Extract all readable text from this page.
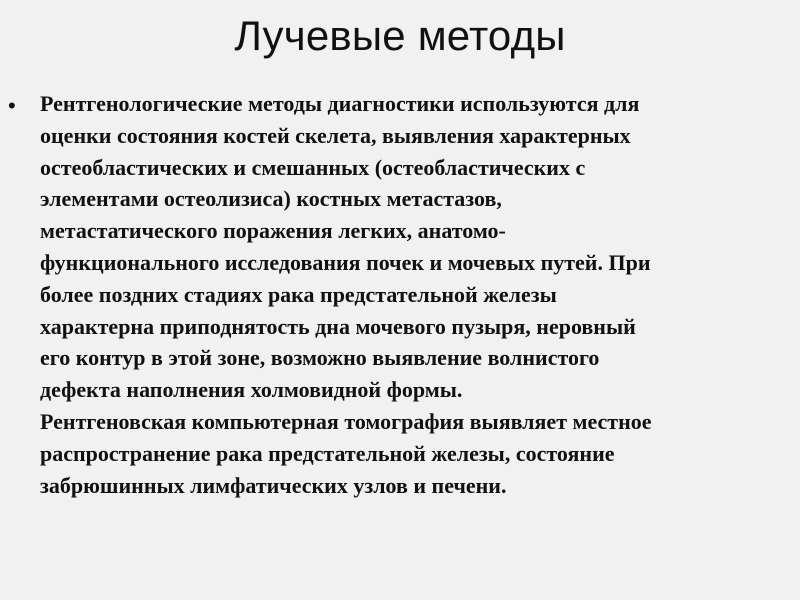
Лучевые методы
• Рентгенологические методы диагностики используются для
оценки состояния костей скелета, выявления характерных
остеобластических и смешанных (остеобластических с
элементами остеолизиса) костных метастазов,
метастатического поражения легких, анатомо-
функционального исследования почек и мочевых путей. При
более поздних стадиях рака предстательной железы
характерна приподнятость дна мочевого пузыря, неровный
его контур в этой зоне, возможно выявление волнистого
дефекта наполнения холмовидной формы.
Рентгеновская компьютерная томография выявляет местное
распространение рака предстательной железы, состояние
забрюшинных лимфатических узлов и печени.
